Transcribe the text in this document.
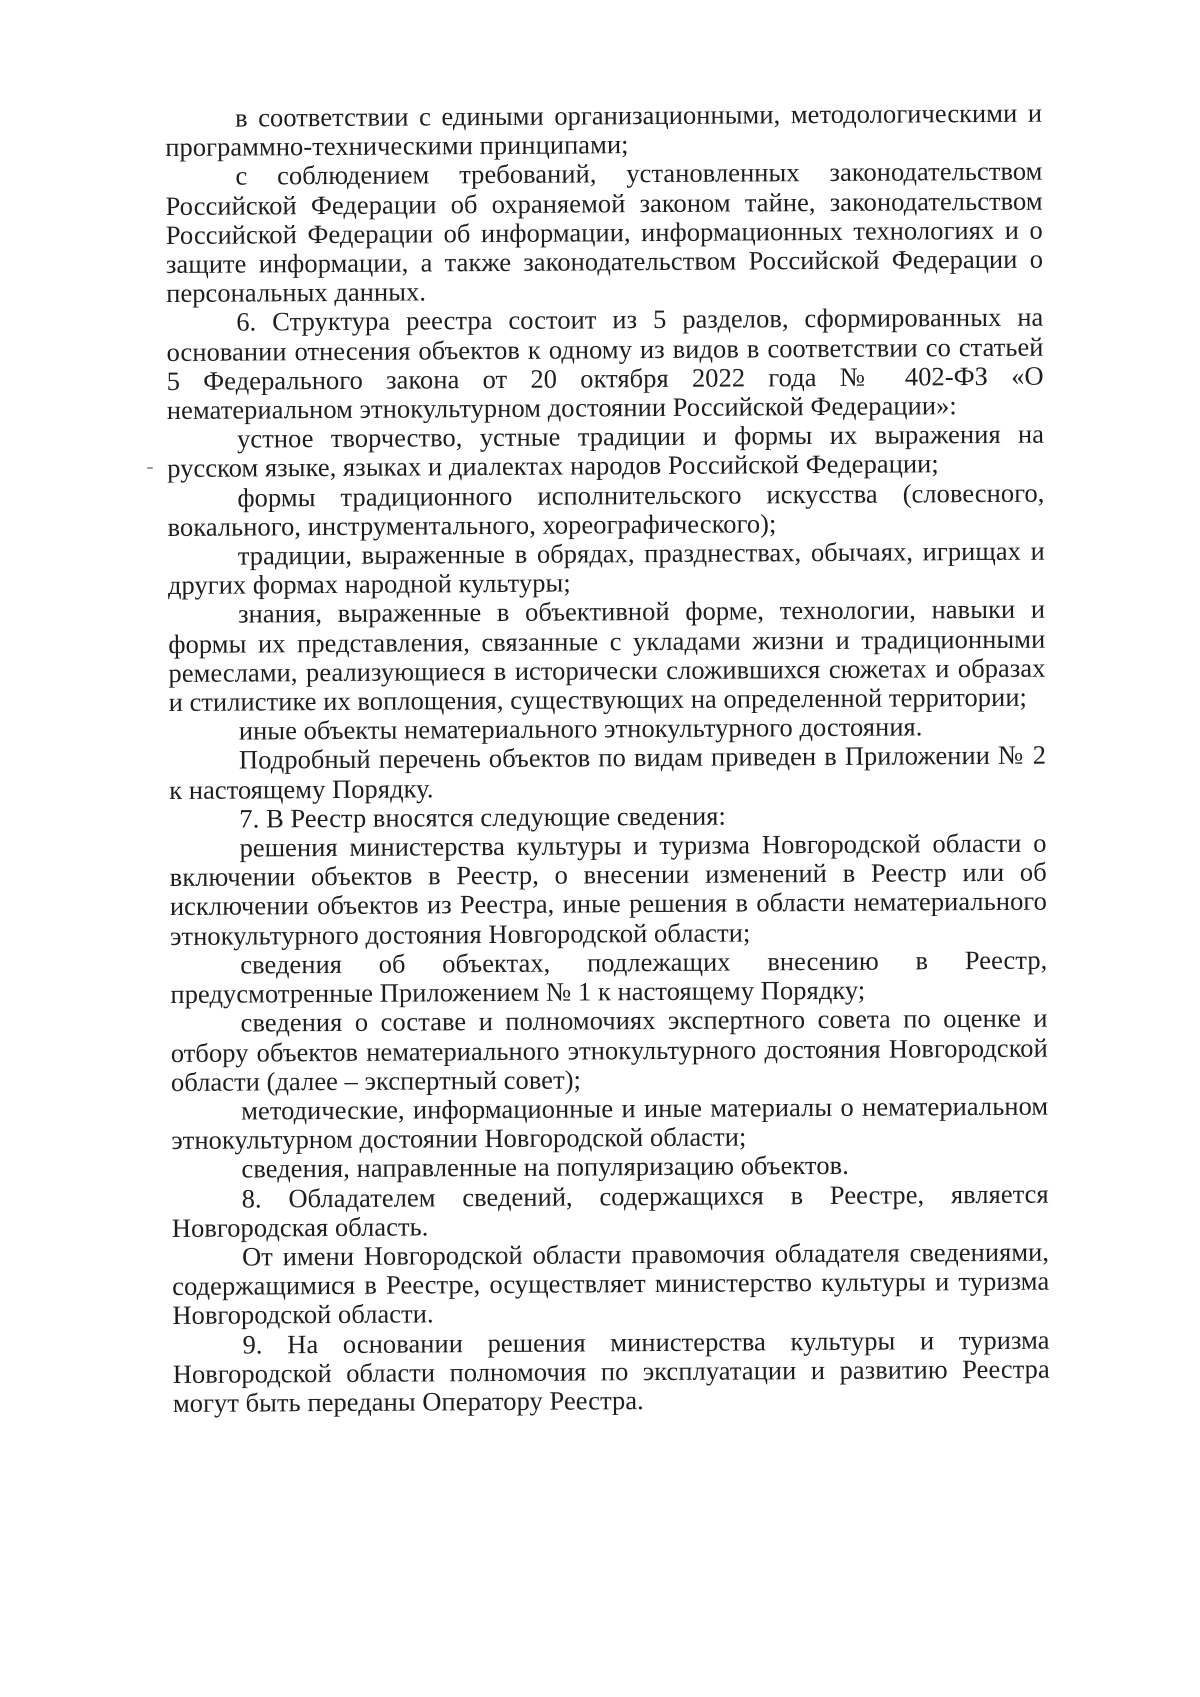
в соответствии с едиными организационными, методологическими и программно-техническими принципами;

с соблюдением требований, установленных законодательством Российской Федерации об охраняемой законом тайне, законодательством Российской Федерации об информации, информационных технологиях и о защите информации, а также законодательством Российской Федерации о персональных данных.

6. Структура реестра состоит из 5 разделов, сформированных на основании отнесения объектов к одному из видов в соответствии со статьей 5 Федерального закона от 20 октября 2022 года № 402-ФЗ «О нематериальном этнокультурном достоянии Российской Федерации»:

устное творчество, устные традиции и формы их выражения на русском языке, языках и диалектах народов Российской Федерации;

формы традиционного исполнительского искусства (словесного, вокального, инструментального, хореографического);

традиции, выраженные в обрядах, празднествах, обычаях, игрищах и других формах народной культуры;

знания, выраженные в объективной форме, технологии, навыки и формы их представления, связанные с укладами жизни и традиционными ремеслами, реализующиеся в исторически сложившихся сюжетах и образах и стилистике их воплощения, существующих на определенной территории;

иные объекты нематериального этнокультурного достояния.

Подробный перечень объектов по видам приведен в Приложении № 2 к настоящему Порядку.

7. В Реестр вносятся следующие сведения:

решения министерства культуры и туризма Новгородской области о включении объектов в Реестр, о внесении изменений в Реестр или об исключении объектов из Реестра, иные решения в области нематериального этнокультурного достояния Новгородской области;

сведения об объектах, подлежащих внесению в Реестр, предусмотренные Приложением № 1 к настоящему Порядку;

сведения о составе и полномочиях экспертного совета по оценке и отбору объектов нематериального этнокультурного достояния Новгородской области (далее – экспертный совет);

методические, информационные и иные материалы о нематериальном этнокультурном достоянии Новгородской области;

сведения, направленные на популяризацию объектов.

8. Обладателем сведений, содержащихся в Реестре, является Новгородская область.

От имени Новгородской области правомочия обладателя сведениями, содержащимися в Реестре, осуществляет министерство культуры и туризма Новгородской области.

9. На основании решения министерства культуры и туризма Новгородской области полномочия по эксплуатации и развитию Реестра могут быть переданы Оператору Реестра.
